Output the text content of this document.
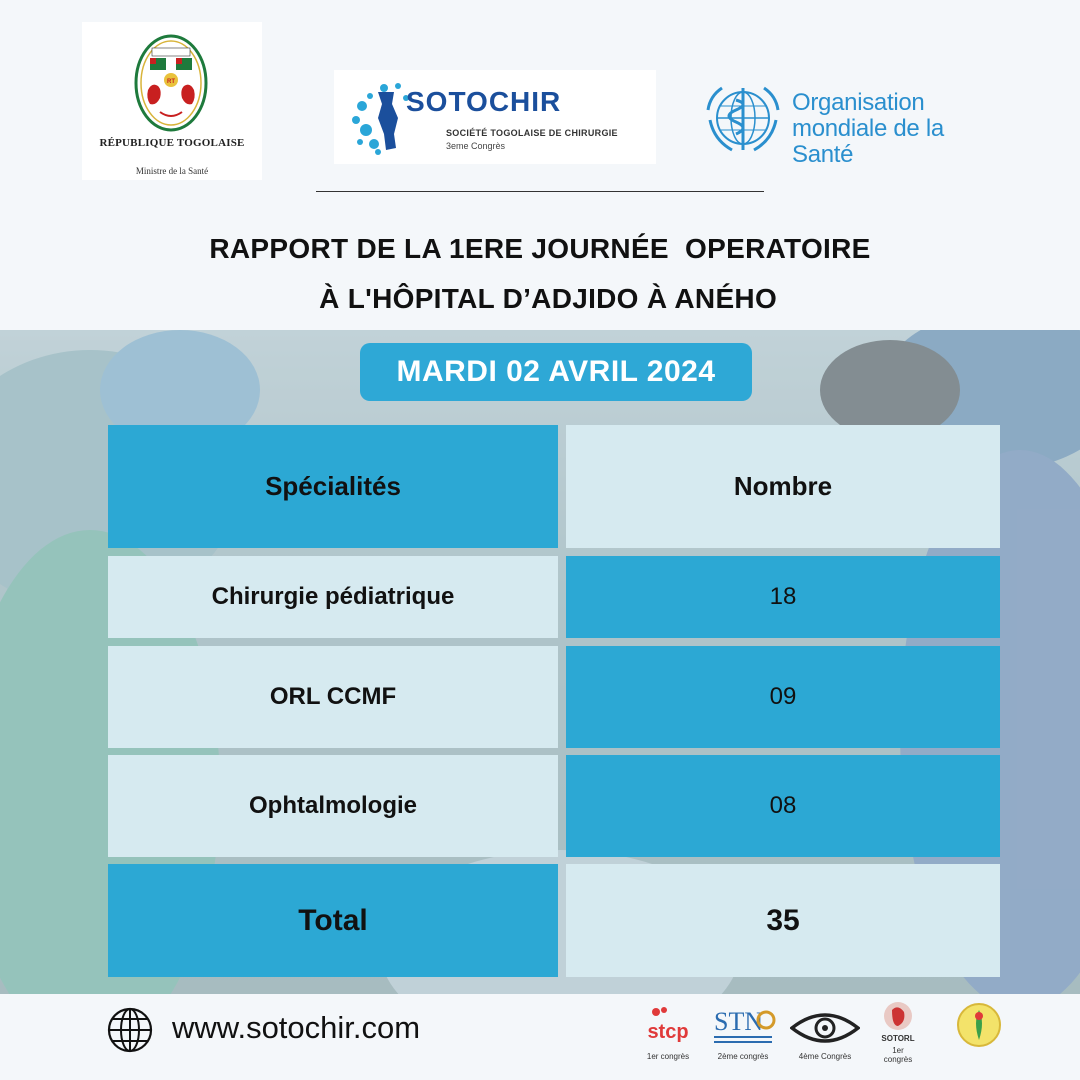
RT
RÉPUBLIQUE TOGOLAISE
Ministre de la Santé
SOTOCHIR
SOCIÉTÉ TOGOLAISE DE CHIRURGIE
3eme Congrès
Organisation
mondiale de la Santé
RAPPORT DE LA 1ERE JOURNÉE  OPERATOIRE
À L'HÔPITAL D’ADJIDO À ANÉHO
MARDI 02 AVRIL 2024
Spécialités	Nombre
Chirurgie pédiatrique	18
ORL CCMF	09
Ophtalmologie	08
Total	35
www.sotochir.com	stcp
1er congrès
STN
2ème congrès	4ème Congrès
SOTORL
1er congrès
